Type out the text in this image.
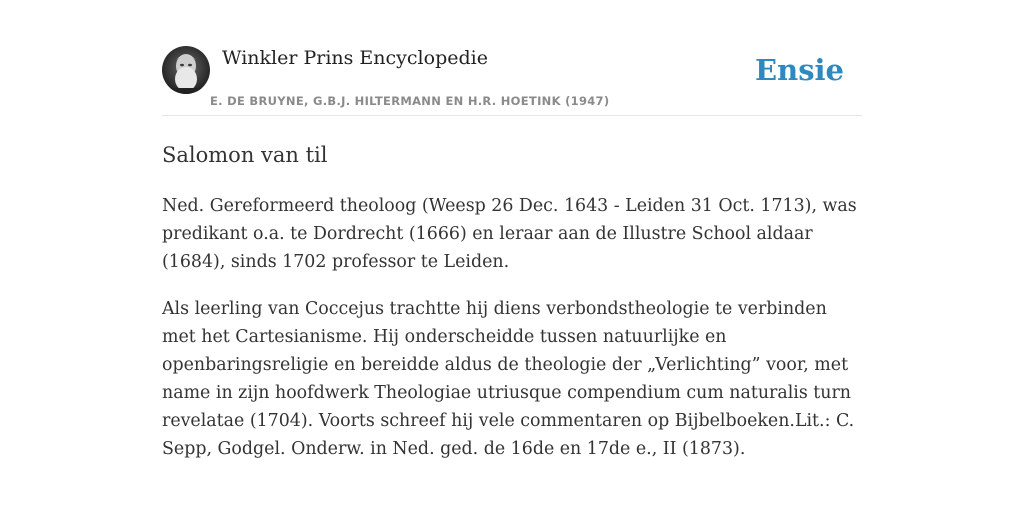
Winkler Prins Encyclopedie
E. DE BRUYNE, G.B.J. HILTERMANN EN H.R. HOETINK (1947)
Ensie
Salomon van til

Ned. Gereformeerd theoloog (Weesp 26 Dec. 1643 - Leiden 31 Oct. 1713), was predikant o.a. te Dordrecht (1666) en leraar aan de Illustre School aldaar (1684), sinds 1702 professor te Leiden.

Als leerling van Coccejus trachtte hij diens verbondstheologie te verbinden met het Cartesianisme. Hij onderscheidde tussen natuurlijke en openbaringsreligie en bereidde aldus de theologie der „Verlichting” voor, met name in zijn hoofdwerk Theologiae utriusque compendium cum naturalis turn revelatae (1704). Voorts schreef hij vele commentaren op Bijbelboeken.Lit.: C. Sepp, Godgel. Onderw. in Ned. ged. de 16de en 17de e., II (1873).
